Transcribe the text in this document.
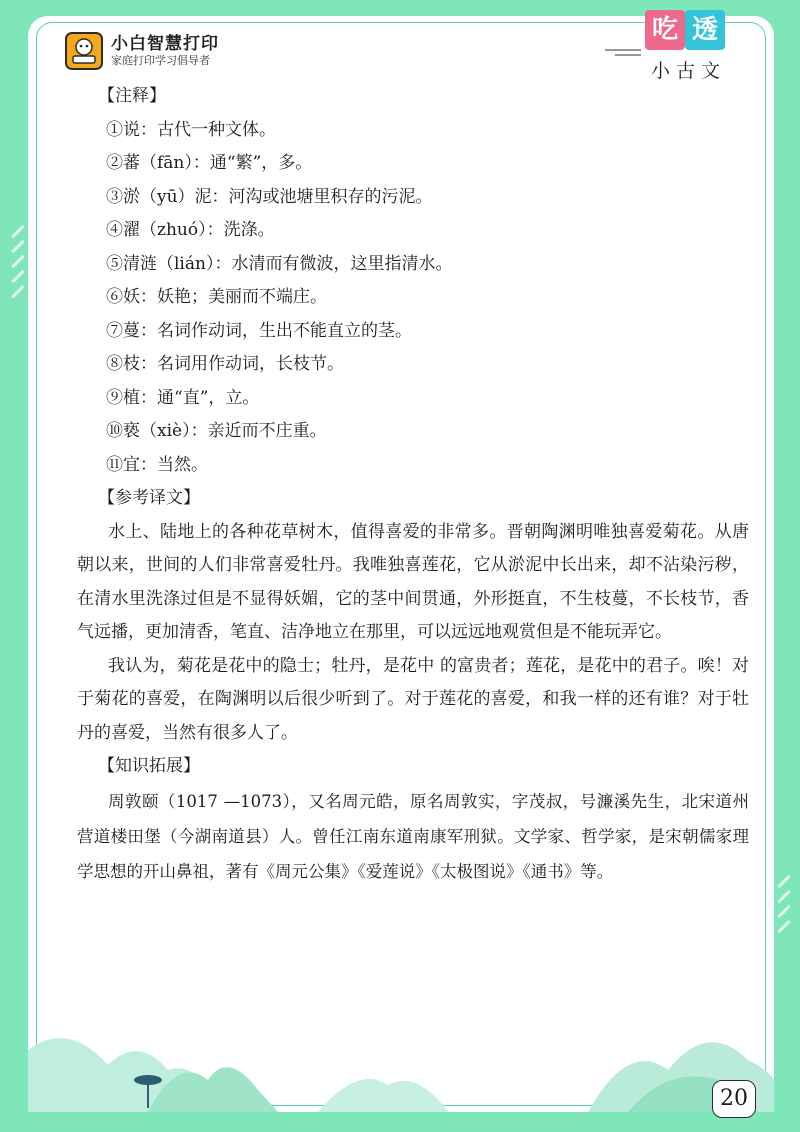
小白智慧打印
家庭打印学习倡导者
吃 透
小古文
【注释】
①说：古代一种文体。
②蕃（fān）：通“繁”，多。
③淤（yū）泥：河沟或池塘里积存的污泥。
④濯（zhuó）：洗涤。
⑤清涟（lián）：水清而有微波，这里指清水。
⑥妖：妖艳；美丽而不端庄。
⑦蔓：名词作动词，生出不能直立的茎。
⑧枝：名词用作动词，长枝节。
⑨植：通“直”，立。
⑩亵（xiè）：亲近而不庄重。
⑪宜：当然。
【参考译文】

水上、陆地上的各种花草树木，值得喜爱的非常多。晋朝陶渊明唯独喜爱菊花。从唐朝以来，世间的人们非常喜爱牡丹。我唯独喜莲花，它从淤泥中长出来，却不沾染污秽，在清水里洗涤过但是不显得妖媚，它的茎中间贯通，外形挺直，不生枝蔓，不长枝节，香气远播，更加清香，笔直、洁净地立在那里，可以远远地观赏但是不能玩弄它。

我认为，菊花是花中的隐士；牡丹，是花中 的富贵者；莲花，是花中的君子。唉！对于菊花的喜爱，在陶渊明以后很少听到了。对于莲花的喜爱，和我一样的还有谁？对于牡丹的喜爱，当然有很多人了。

【知识拓展】

周敦颐（1017 —1073），又名周元皓，原名周敦实，字茂叔，号濂溪先生，北宋道州营道楼田堡（今湖南道县）人。曾任江南东道南康军刑狱。文学家、哲学家，是宋朝儒家理学思想的开山鼻祖，著有《周元公集》《爱莲说》《太极图说》《通书》等。

20
